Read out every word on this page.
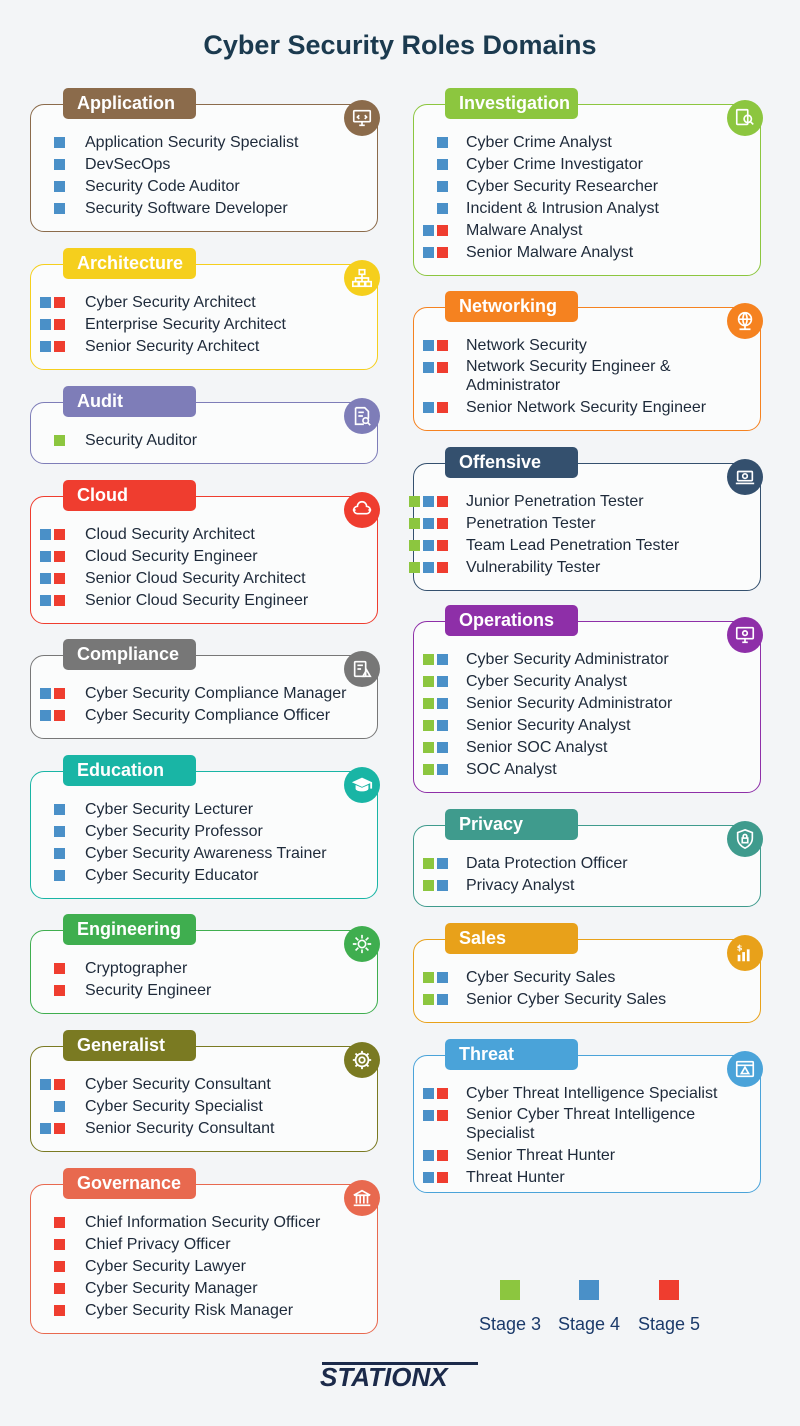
Cyber Security Roles Domains
Application
Application Security Specialist
DevSecOps
Security Code Auditor
Security Software Developer
Architecture
Cyber Security Architect
Enterprise Security Architect
Senior Security Architect
Audit
Security Auditor
Cloud
Cloud Security Architect
Cloud Security Engineer
Senior Cloud Security Architect
Senior Cloud Security Engineer
Compliance
Cyber Security Compliance Manager
Cyber Security Compliance Officer
Education
Cyber Security Lecturer
Cyber Security Professor
Cyber Security Awareness Trainer
Cyber Security Educator
Engineering
Cryptographer
Security Engineer
Generalist
Cyber Security Consultant
Cyber Security Specialist
Senior Security Consultant
Governance
Chief Information Security Officer
Chief Privacy Officer
Cyber Security Lawyer
Cyber Security Manager
Cyber Security Risk Manager
Investigation
Cyber Crime Analyst
Cyber Crime Investigator
Cyber Security Researcher
Incident & Intrusion Analyst
Malware Analyst
Senior Malware Analyst
Networking
Network Security
Network Security Engineer & Administrator
Senior Network Security Engineer
Offensive
Junior Penetration Tester
Penetration Tester
Team Lead Penetration Tester
Vulnerability Tester
Operations
Cyber Security Administrator
Cyber Security Analyst
Senior Security Administrator
Senior Security Analyst
Senior SOC Analyst
SOC Analyst
Privacy
Data Protection Officer
Privacy Analyst
Sales	$
Cyber Security Sales
Senior Cyber Security Sales
Threat
Cyber Threat Intelligence Specialist
Senior Cyber Threat Intelligence Specialist
Senior Threat Hunter
Threat Hunter
Stage 3 Stage 4 Stage 5
STATIONX
